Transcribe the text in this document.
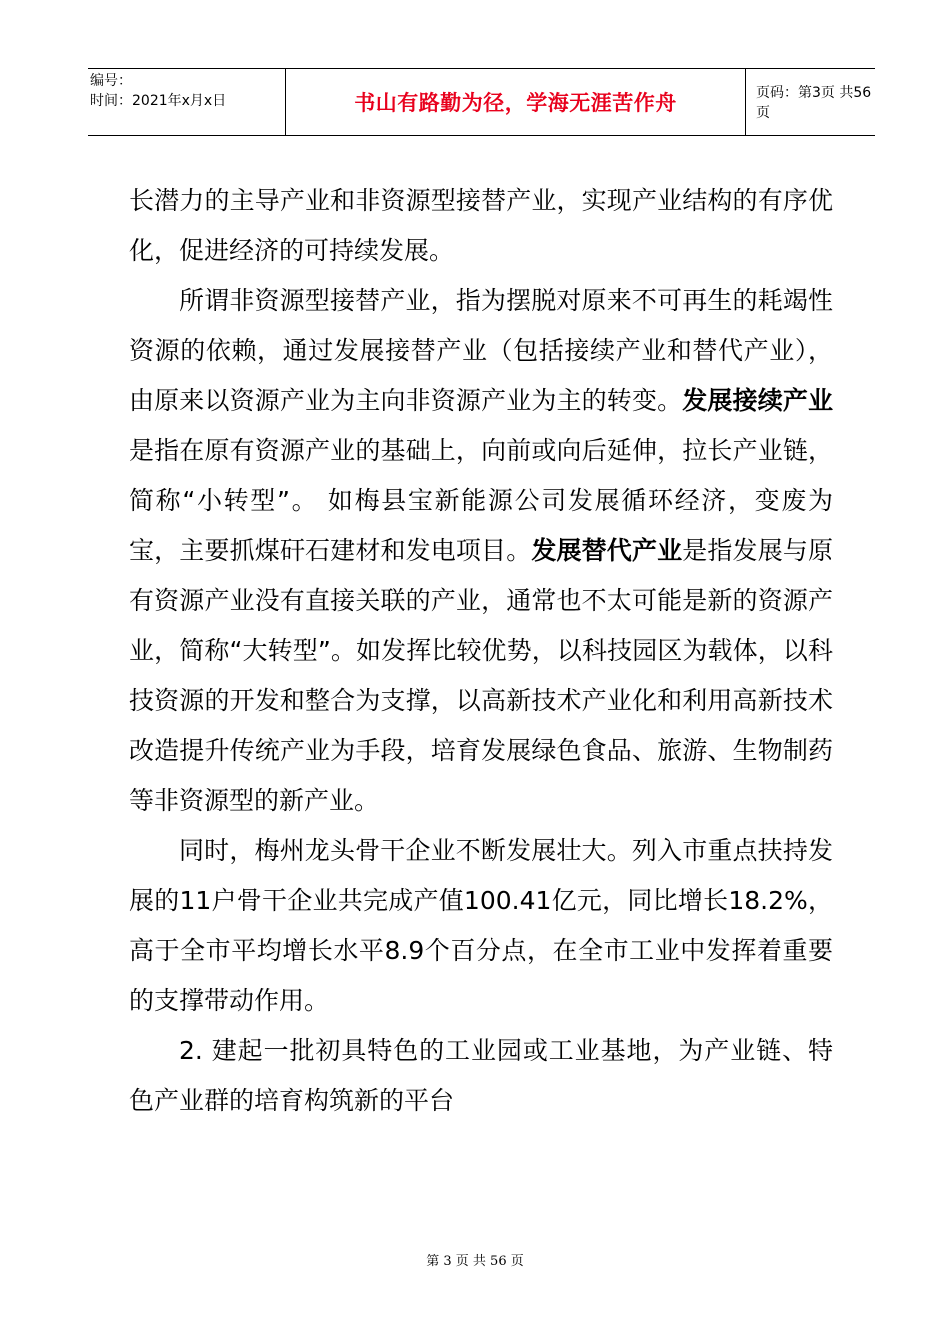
编号：
时间：2021年x月x日	书山有路勤为径，学海无涯苦作舟	页码：第3页 共56页

长潜力的主导产业和非资源型接替产业，实现产业结构的有序优化，促进经济的可持续发展。

所谓非资源型接替产业，指为摆脱对原来不可再生的耗竭性资源的依赖，通过发展接替产业（包括接续产业和替代产业），由原来以资源产业为主向非资源产业为主的转变。发展接续产业是指在原有资源产业的基础上，向前或向后延伸，拉长产业链，简称“小转型”。 如梅县宝新能源公司发展循环经济，变废为宝，主要抓煤矸石建材和发电项目。发展替代产业是指发展与原有资源产业没有直接关联的产业，通常也不太可能是新的资源产业，简称“大转型”。如发挥比较优势，以科技园区为载体，以科技资源的开发和整合为支撑，以高新技术产业化和利用高新技术改造提升传统产业为手段，培育发展绿色食品、旅游、生物制药等非资源型的新产业。

同时，梅州龙头骨干企业不断发展壮大。列入市重点扶持发展的11户骨干企业共完成产值100.41亿元，同比增长18.2%，高于全市平均增长水平8.9个百分点，在全市工业中发挥着重要的支撑带动作用。

2. 建起一批初具特色的工业园或工业基地，为产业链、特色产业群的培育构筑新的平台

第 3 页 共 56 页
